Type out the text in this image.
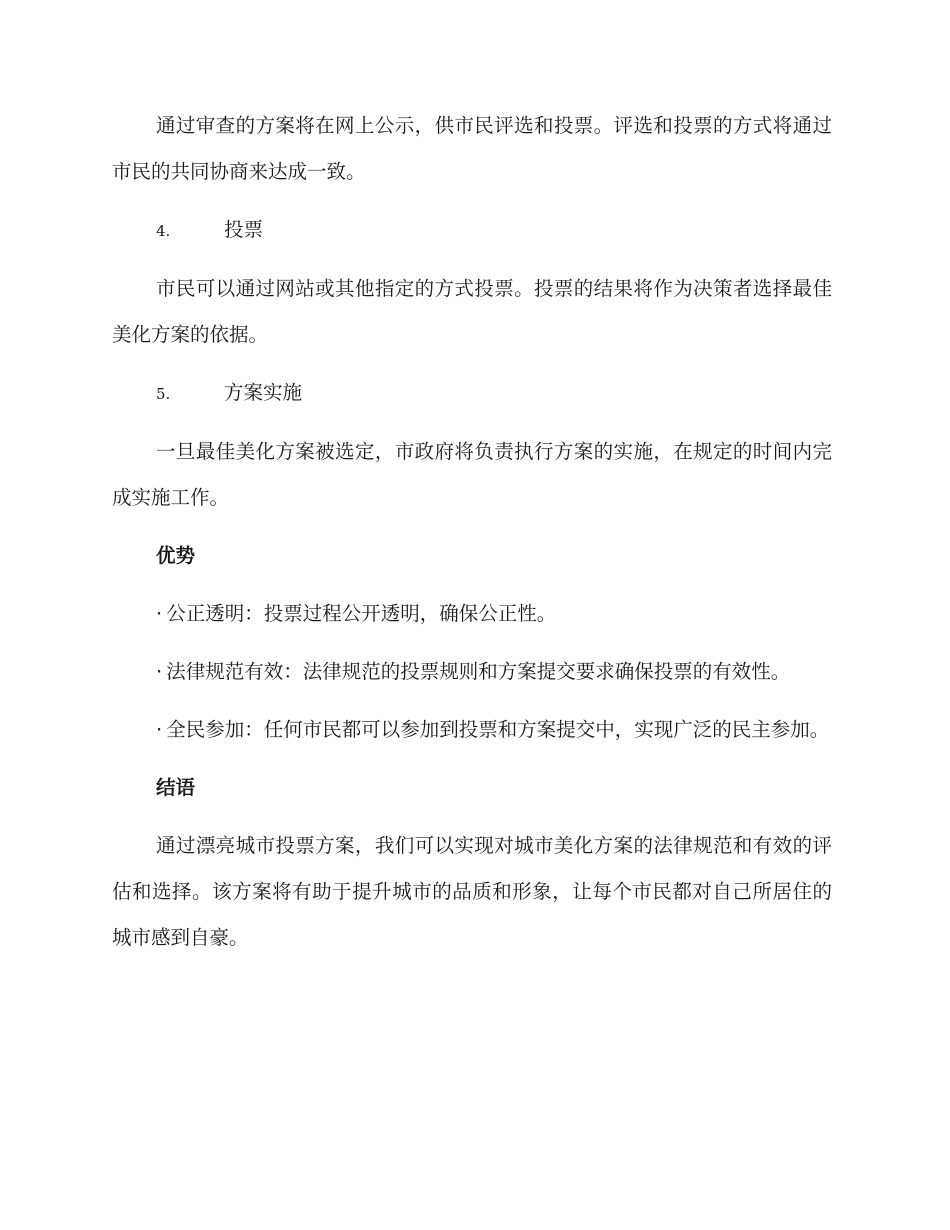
通过审查的方案将在网上公示，供市民评选和投票。评选和投票的方式将通过市民的共同协商来达成一致。

4.	投票

市民可以通过网站或其他指定的方式投票。投票的结果将作为决策者选择最佳美化方案的依据。

5.	方案实施

一旦最佳美化方案被选定，市政府将负责执行方案的实施，在规定的时间内完成实施工作。

优势

· 公正透明：投票过程公开透明，确保公正性。

· 法律规范有效：法律规范的投票规则和方案提交要求确保投票的有效性。

· 全民参加：任何市民都可以参加到投票和方案提交中，实现广泛的民主参加。

结语

通过漂亮城市投票方案，我们可以实现对城市美化方案的法律规范和有效的评估和选择。该方案将有助于提升城市的品质和形象，让每个市民都对自己所居住的城市感到自豪。
